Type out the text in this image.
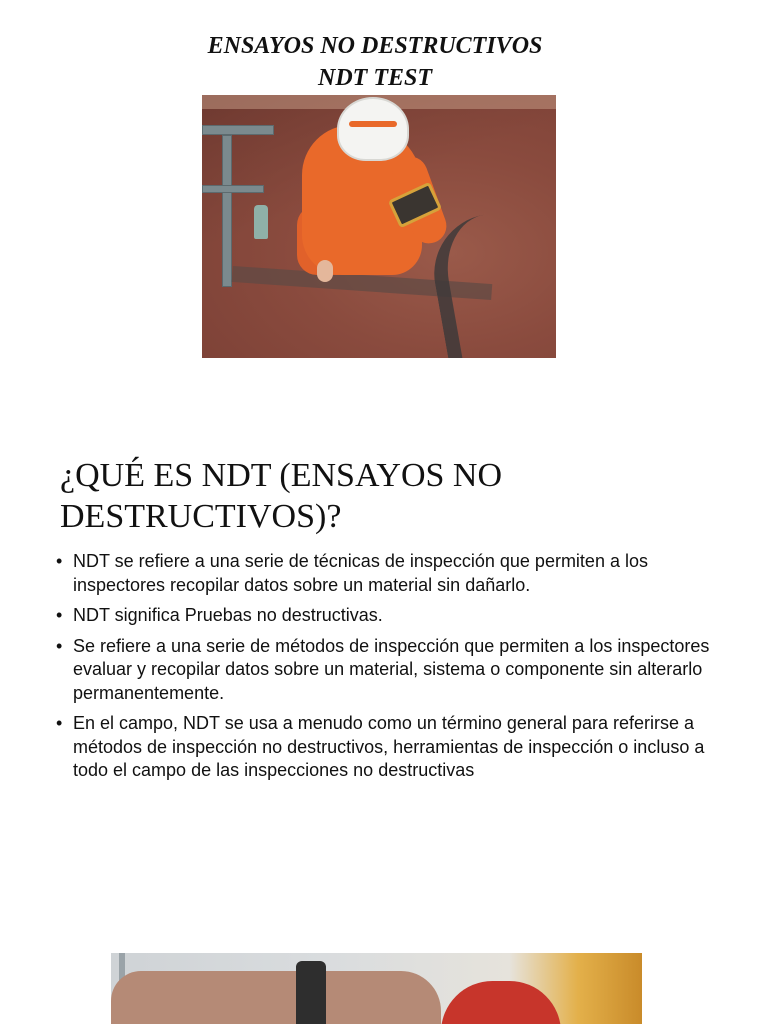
ENSAYOS NO DESTRUCTIVOS
NDT TEST
¿QUÉ ES NDT (ENSAYOS NO DESTRUCTIVOS)?
• NDT se refiere a una serie de técnicas de inspección que permiten a los inspectores recopilar datos sobre un material sin dañarlo.
• NDT significa Pruebas no destructivas.
• Se refiere a una serie de métodos de inspección que permiten a los inspectores evaluar y recopilar datos sobre un material, sistema o componente sin alterarlo permanentemente.
• En el campo, NDT se usa a menudo como un término general para referirse a métodos de inspección no destructivos, herramientas de inspección o incluso a todo el campo de las inspecciones no destructivas
